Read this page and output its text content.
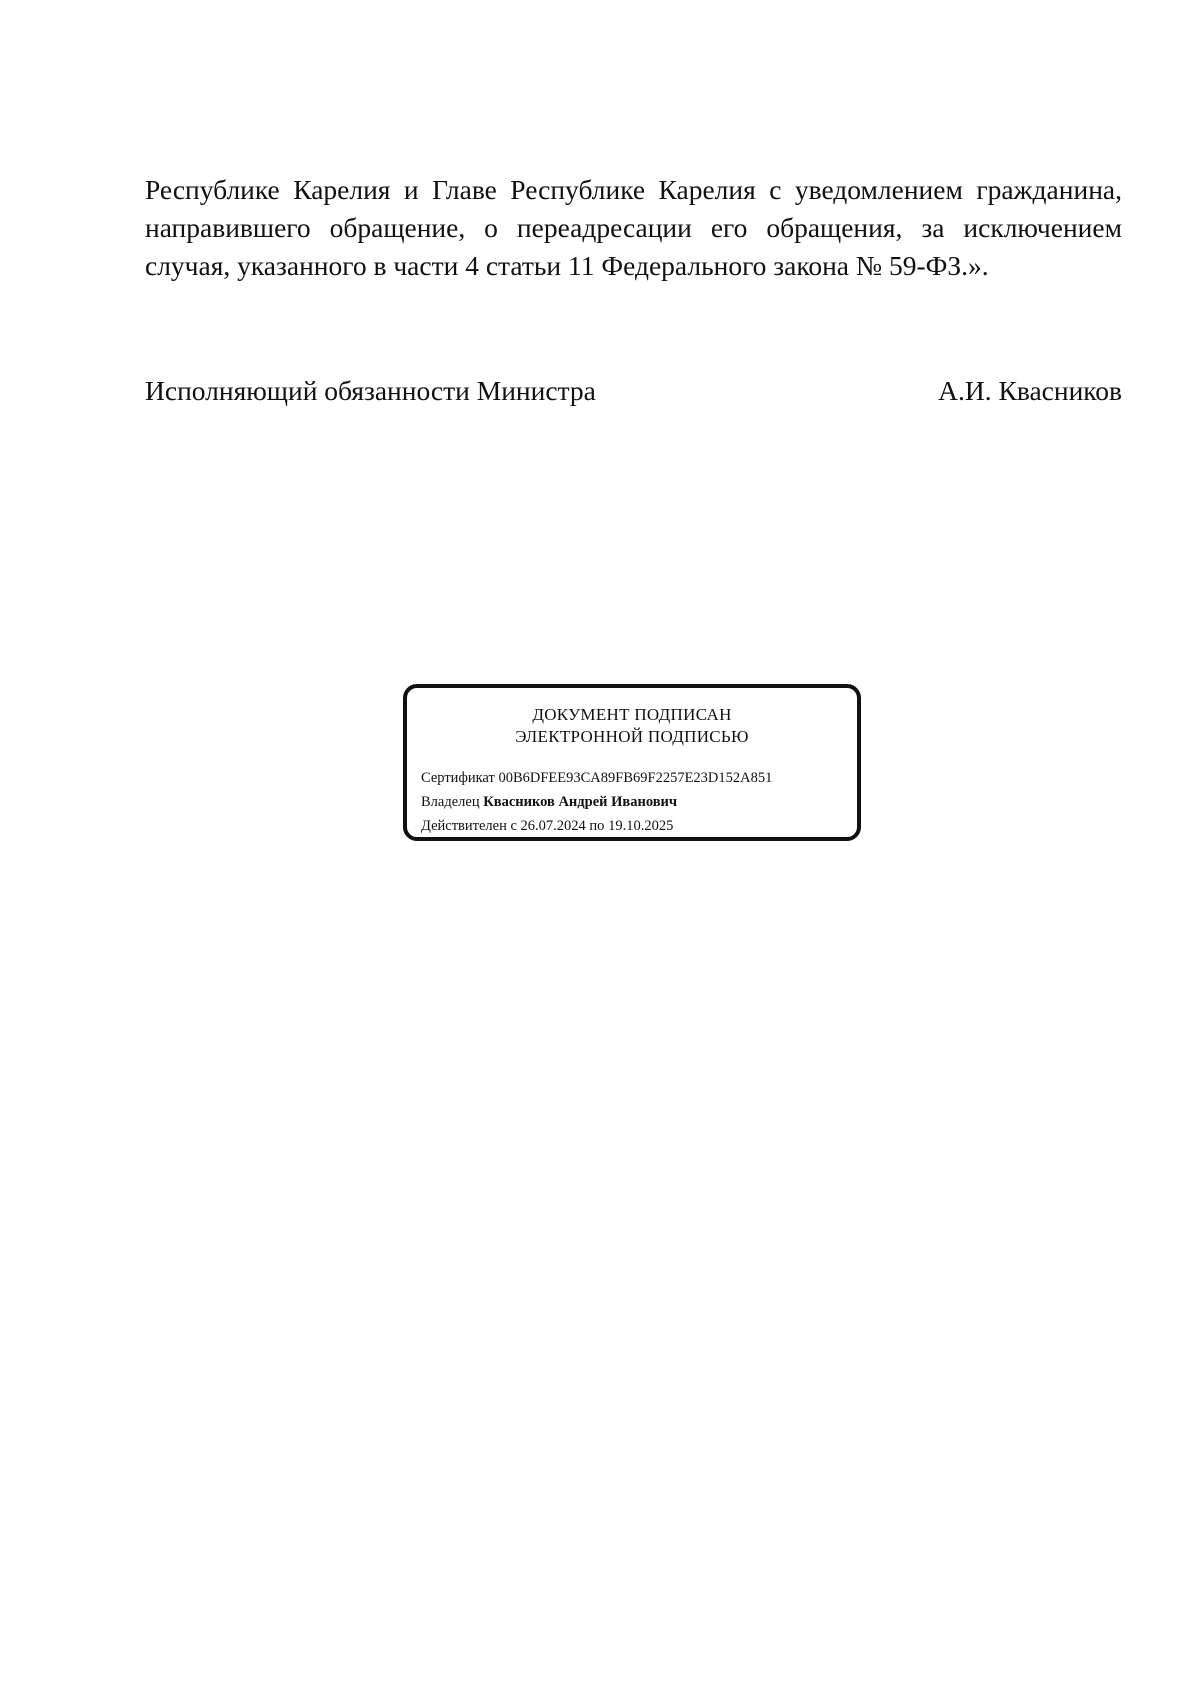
Республике Карелия и Главе Республике Карелия с уведомлением гражданина,
направившего обращение, о переадресации его обращения, за исключением
случая, указанного в части 4 статьи 11 Федерального закона № 59-ФЗ.».

Исполняющий обязанности Министра	А.И. Квасников
ДОКУМЕНТ ПОДПИСАН
ЭЛЕКТРОННОЙ ПОДПИСЬЮ
Сертификат 00B6DFEE93CA89FB69F2257E23D152A851
Владелец Квасников Андрей Иванович
Действителен с 26.07.2024 по 19.10.2025
